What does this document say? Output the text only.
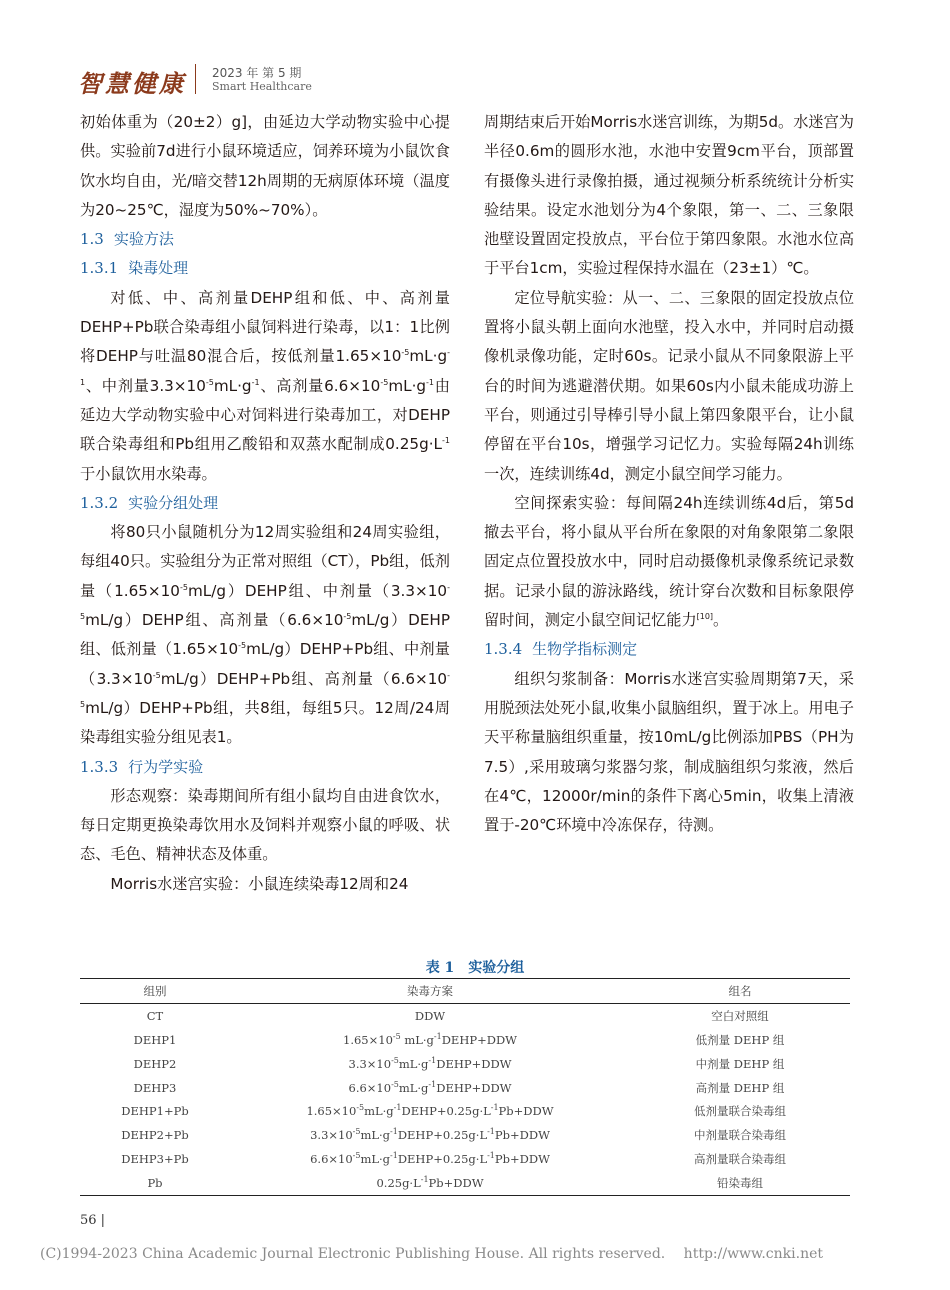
智慧健康 2023 年 第 5 期
Smart Healthcare

初始体重为（20±2）g]，由延边大学动物实验中心提供。实验前7d进行小鼠环境适应，饲养环境为小鼠饮食饮水均自由，光/暗交替12h周期的无病原体环境（温度为20~25℃，湿度为50%~70%）。

1.3 实验方法
1.3.1 染毒处理

对低、中、高剂量DEHP组和低、中、高剂量DEHP+Pb联合染毒组小鼠饲料进行染毒，以1：1比例将DEHP与吐温80混合后，按低剂量$1.65\times 10^{-5}mL\cdot g^{-1}$、中剂量$3.3\times 10^{-5}mL\cdot g^{-1}$、高剂量$6.6\times 10^{-5}mL\cdot g^{-1}$由延边大学动物实验中心对饲料进行染毒加工，对DEHP联合染毒组和Pb组用乙酸铅和双蒸水配制成$0.25g\cdot L^{-1}$于小鼠饮用水染毒。

1.3.2 实验分组处理

将80只小鼠随机分为12周实验组和24周实验组，每组40只。实验组分为正常对照组（CT），Pb组，低剂量$(1.65\times 10^{-5}mL/g)DEHP$组、中剂量$(3.3\times 10^{-5}mL/g)DEHP$组、高剂量$(6.6\times 10^{-5}mL/g)DEHP$组、低剂量$(1.65\times 10^{-5}mL/g)DEHP+Pb$组、中剂量$(3.3\times 10^{-5}mL/g)DEHP+Pb$组、高剂量$(6.6\times 10^{-5}mL/g)DEHP+Pb$组，共8组，每组5只。12周/24周染毒组实验分组见表1。

1.3.3 行为学实验

形态观察：染毒期间所有组小鼠均自由进食饮水，每日定期更换染毒饮用水及饲料并观察小鼠的呼吸、状态、毛色、精神状态及体重。

Morris水迷宫实验：小鼠连续染毒12周和24

周期结束后开始Morris水迷宫训练，为期5d。水迷宫为半径0.6m的圆形水池，水池中安置9cm平台，顶部置有摄像头进行录像拍摄，通过视频分析系统统计分析实验结果。设定水池划分为4个象限，第一、二、三象限池壁设置固定投放点，平台位于第四象限。水池水位高于平台1cm，实验过程保持水温在（23±1）℃。

定位导航实验：从一、二、三象限的固定投放点位置将小鼠头朝上面向水池壁，投入水中，并同时启动摄像机录像功能，定时60s。记录小鼠从不同象限游上平台的时间为逃避潜伏期。如果60s内小鼠未能成功游上平台，则通过引导棒引导小鼠上第四象限平台，让小鼠停留在平台10s，增强学习记忆力。实验每隔24h训练一次，连续训练4d，测定小鼠空间学习能力。

空间探索实验：每间隔24h连续训练4d后，第5d撤去平台，将小鼠从平台所在象限的对角象限第二象限固定点位置投放水中，同时启动摄像机录像系统记录数据。记录小鼠的游泳路线，统计穿台次数和目标象限停留时间，测定小鼠空间记忆能力[10]。

1.3.4 生物学指标测定

组织匀浆制备：Morris水迷宫实验周期第7天，采用脱颈法处死小鼠,收集小鼠脑组织，置于冰上。用电子天平称量脑组织重量，按10mL/g比例添加PBS（PH为7.5）,采用玻璃匀浆器匀浆，制成脑组织匀浆液，然后在4℃，12000r/min的条件下离心5min，收集上清液置于-20℃环境中冷冻保存，待测。

表 1　实验分组
组别	染毒方案	组名
CT	DDW	空白对照组
DEHP1	$1.65\times 10^{-5}$ $mL\cdot g^{-1}DEHP+DDW$	低剂量 DEHP 组
DEHP2	$3.3\times 10^{-5}mL\cdot g^{-1}DEHP+DDW$	中剂量 DEHP 组
DEHP3	$6.6\times 10^{-5}mL\cdot g^{-1}DEHP+DDW$	高剂量 DEHP 组
DEHP1+Pb	$1.65\times 10^{-5}mL\cdot g^{-1}DEHP+0.25g\cdot L^{-1}Pb+DDW$	低剂量联合染毒组
DEHP2+Pb	$3.3\times 10^{-5}mL\cdot g^{-1}DEHP+0.25g\cdot L^{-1}Pb+DDW$	中剂量联合染毒组
DEHP3+Pb	$6.6\times 10^{-5}mL\cdot g^{-1}DEHP+0.25g\cdot L^{-1}Pb+DDW$	高剂量联合染毒组
Pb	$0.25g\cdot L^{-1}Pb+DDW$	铅染毒组
56 |
(C)1994-2023 China Academic Journal Electronic Publishing House. All rights reserved.　 http://www.cnki.net
